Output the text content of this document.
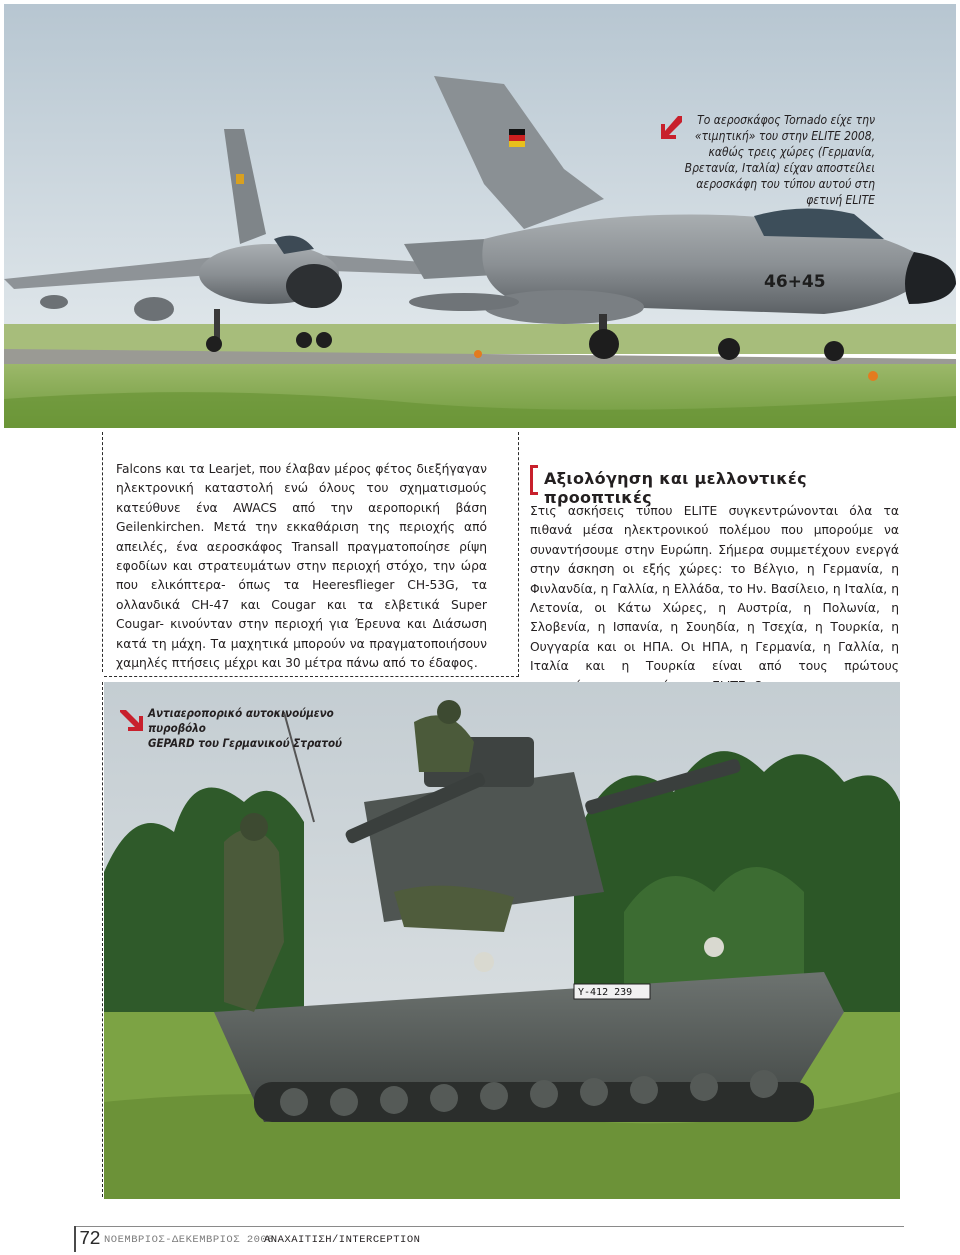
46+45
Το αεροσκάφος Tornado είχε την «τιμητική» του στην ELITE 2008, καθώς τρεις χώρες (Γερμανία, Βρετανία, Ιταλία) είχαν αποστείλει αεροσκάφη του τύπου αυτού στη φετινή ELITE
Falcons και τα Learjet, που έλαβαν μέρος φέτος διεξήγαγαν ηλεκτρονική καταστολή ενώ όλους του σχηματισμούς κατεύθυνε ένα AWACS από την αεροπορική βάση Geilenkirchen. Μετά την εκκαθάριση της περιοχής από απειλές, ένα αεροσκάφος Transall πραγματοποίησε ρίψη εφοδίων και στρατευμάτων στην περιοχή στόχο, την ώρα που ελικόπτερα- όπως τα Heeresflieger CH-53G, τα ολλανδικά CH-47 και Cougar και τα ελβετικά Super Cougar- κινούνταν στην περιοχή για Έρευνα και Διάσωση κατά τη μάχη. Τα μαχητικά μπορούν να πραγματοποιήσουν χαμηλές πτήσεις μέχρι και 30 μέτρα πάνω από το έδαφος.
Αξιολόγηση και μελλοντικές προοπτικές
Στις ασκήσεις τύπου ELITE συγκεντρώνονται όλα τα πιθανά μέσα ηλεκτρονικού πολέμου που μπορούμε να συναντήσουμε στην Ευρώπη. Σήμερα συμμετέχουν ενεργά στην άσκηση οι εξής χώρες: το Βέλγιο, η Γερμανία, η Φινλανδία, η Γαλλία, η Ελλάδα, το Ην. Βασίλειο, η Ιταλία, η Λετονία, οι Κάτω Χώρες, η Αυστρία, η Πολωνία, η Σλοβενία, η Ισπανία, η Σουηδία, η Τσεχία, η Τουρκία, η Ουγγαρία και οι ΗΠΑ. Οι ΗΠΑ, η Γερμανία, η Γαλλία, η Ιταλία και η Τουρκία είναι από τους πρώτους
Y-412 239
Αντιαεροπορικό αυτοκινούμενο πυροβόλο
GEPARD του Γερμανικού Στρατού
72 ΝΟΕΜΒΡΙΟΣ-ΔΕΚΕΜΒΡΙΟΣ 2008
ΑΝΑΧΑΙΤΙΣΗ/INTERCEPTION
